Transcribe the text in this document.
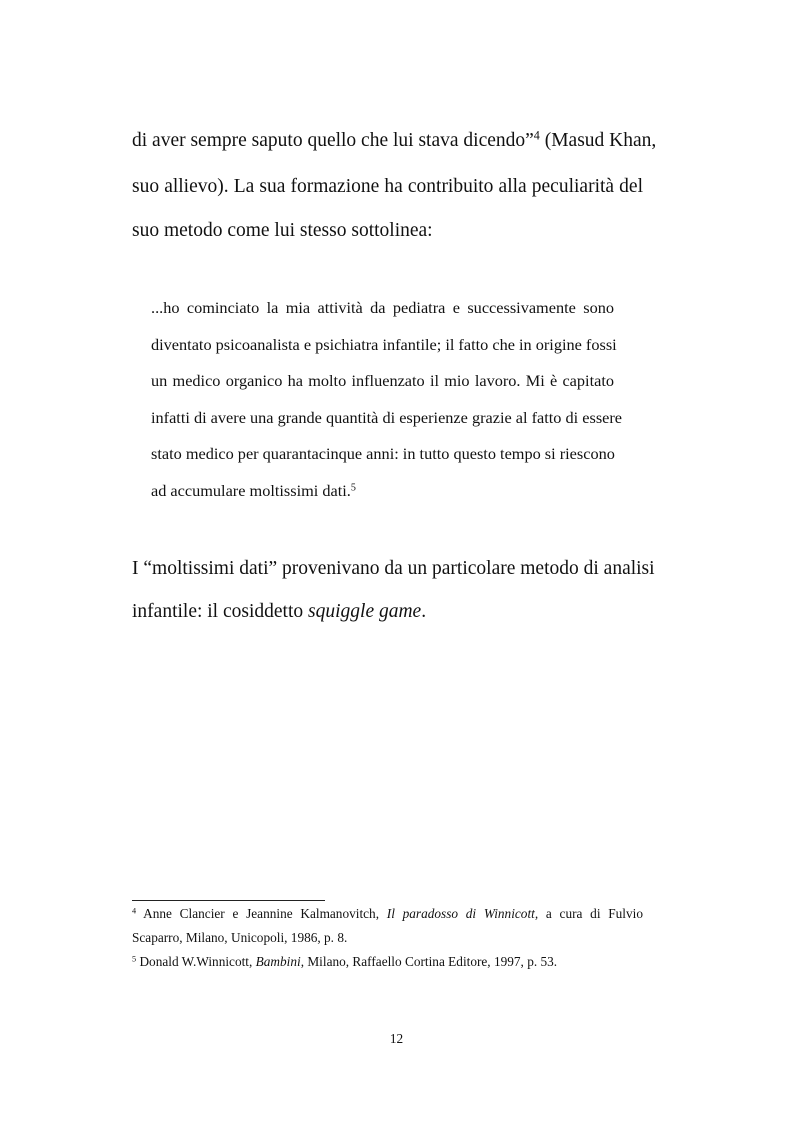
di aver sempre saputo quello che lui stava dicendo”$^4$ (Masud Khan,

suo allievo). La sua formazione ha contribuito alla peculiarità del

suo metodo come lui stesso sottolinea:

...ho cominciato la mia attività da pediatra e successivamente sono

diventato psicoanalista e psichiatra infantile; il fatto che in origine fossi

un medico organico ha molto influenzato il mio lavoro. Mi è capitato

infatti di avere una grande quantità di esperienze grazie al fatto di essere

stato medico per quarantacinque anni: in tutto questo tempo si riescono

ad accumulare moltissimi dati.$^5$

I “moltissimi dati” provenivano da un particolare metodo di analisi

infantile: il cosiddetto squiggle game.

$^4$ Anne Clancier e Jeannine Kalmanovitch, Il paradosso di Winnicott, a cura di Fulvio

Scaparro, Milano, Unicopoli, 1986, p. 8.

$^5$ Donald W.Winnicott, Bambini, Milano, Raffaello Cortina Editore, 1997, p. 53.

12
